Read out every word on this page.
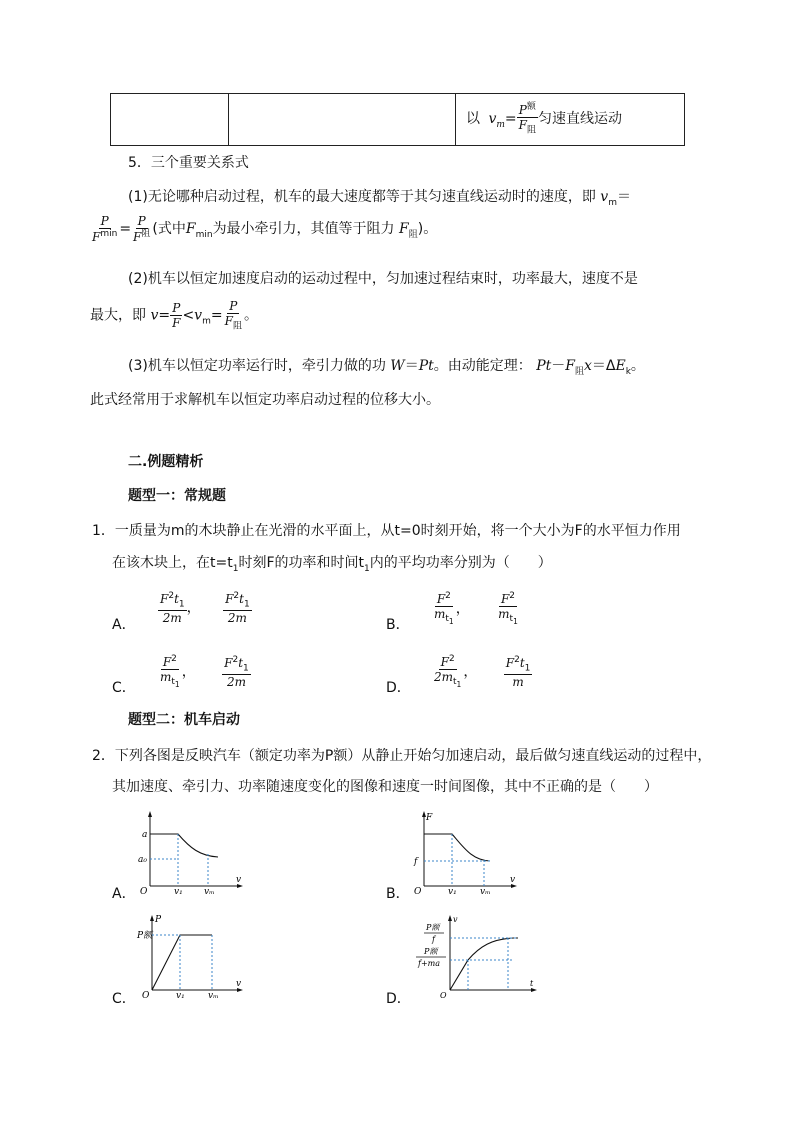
		以 $v_m= \frac{P^额}{F_阻}$ 匀速直线运动
5．三个重要关系式
(1)无论哪种启动过程，机车的最大速度都等于其匀速直线运动时的速度，即 $v_m=$
$\frac{P}{F^{min}} = \frac{P}{F^阻}$ (式中$F_{min}$为最小牵引力，其值等于阻力 $F_阻$)。
(2)机车以恒定加速度启动的运动过程中，匀加速过程结束时，功率最大，速度不是
最大，即 $v= \frac{P}{F} <v_m= \frac{P}{F_阻}$ 。
(3)机车以恒定功率运行时，牵引力做的功 W＝Pt。由动能定理： $Pt-F_阻x=\Delta E_k$。
此式经常用于求解机车以恒定功率启动过程的位移大小。
二.例题精析
题型一：常规题
1．一质量为m的木块静止在光滑的水平面上，从t=0时刻开始，将一个大小为F的水平恒力作用
在该木块上，在$t=t_1$时刻F的功率和时间$t_1$内的平均功率分别为（　　）
A．
$\frac{F^2t_1}{2m}$ ， $\frac{F^2t_1}{2m}$
B． $\frac{F^2}{m_{t_1}}$ ， $\frac{F^2}{m_{t_1}}$
C． $\frac{F^2}{m_{t_1}}$ ， $\frac{F^2t_1}{2m}$	D． $\frac{F^2}{2m_{t_1}}$ ， $\frac{F^2t_1}{m}$
题型二：机车启动
2．下列各图是反映汽车（额定功率为P额）从静止开始匀加速启动，最后做匀速直线运动的过程中，
其加速度、牵引力、功率随速度变化的图像和速度一时间图像，其中不正确的是（　　）
A．	B．
C．	D．
a
a₀
O	v₁ vₘ
v
F
f
O	v₁	vₘ
v
P
P额
O	v₁	vₘ
v
v
P额
f
P额
f+ma
O
t
